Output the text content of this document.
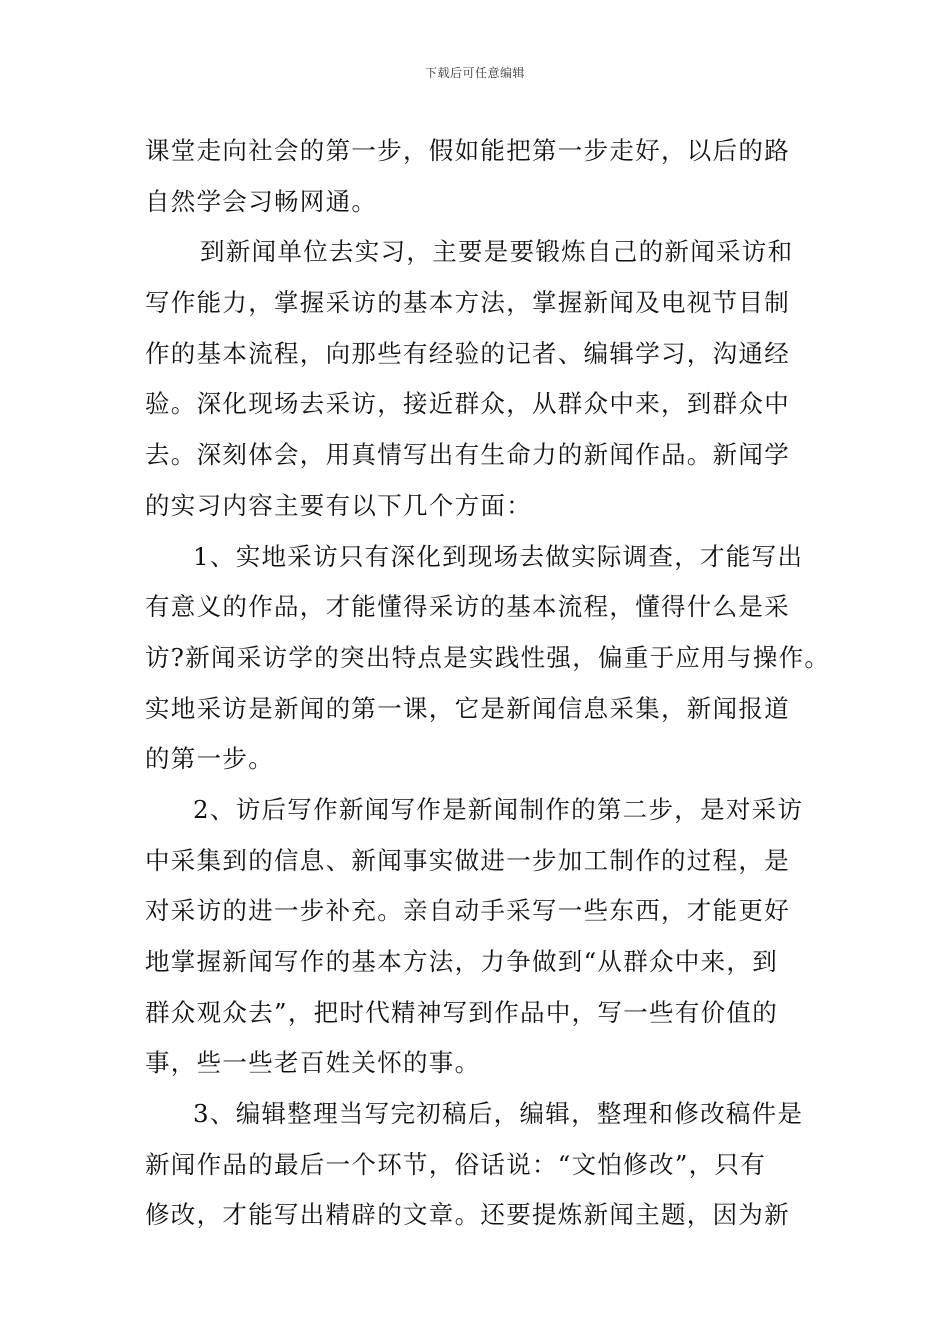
下载后可任意编辑
课堂走向社会的第一步，假如能把第一步走好，以后的路
自然学会习畅网通。
到新闻单位去实习，主要是要锻炼自己的新闻采访和
写作能力，掌握采访的基本方法，掌握新闻及电视节目制
作的基本流程，向那些有经验的记者、编辑学习，沟通经
验。深化现场去采访，接近群众，从群众中来，到群众中
去。深刻体会，用真情写出有生命力的新闻作品。新闻学
的实习内容主要有以下几个方面：
1、实地采访只有深化到现场去做实际调查，才能写出
有意义的作品，才能懂得采访的基本流程，懂得什么是采
访?新闻采访学的突出特点是实践性强，偏重于应用与操作。
实地采访是新闻的第一课，它是新闻信息采集，新闻报道
的第一步。
2、访后写作新闻写作是新闻制作的第二步，是对采访
中采集到的信息、新闻事实做进一步加工制作的过程，是
对采访的进一步补充。亲自动手采写一些东西，才能更好
地掌握新闻写作的基本方法，力争做到“从群众中来，到
群众观众去”，把时代精神写到作品中，写一些有价值的
事，些一些老百姓关怀的事。
3、编辑整理当写完初稿后，编辑，整理和修改稿件是
新闻作品的最后一个环节，俗话说：“文怕修改”，只有
修改，才能写出精辟的文章。还要提炼新闻主题，因为新
